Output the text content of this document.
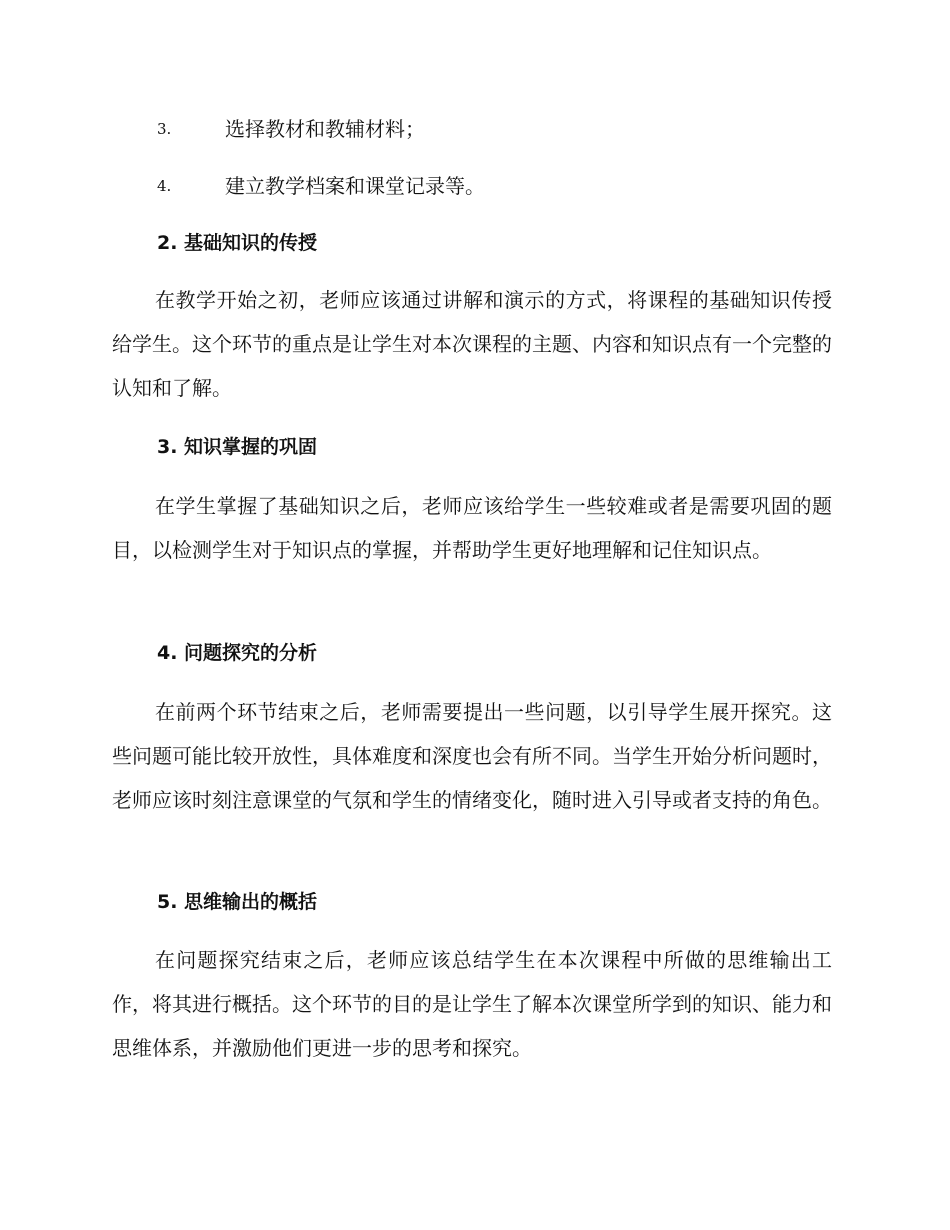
3.	选择教材和教辅材料；
4.	建立教学档案和课堂记录等。
2. 基础知识的传授
在教学开始之初，老师应该通过讲解和演示的方式，将课程的基础知识传授给学生。这个环节的重点是让学生对本次课程的主题、内容和知识点有一个完整的认知和了解。
3. 知识掌握的巩固
在学生掌握了基础知识之后，老师应该给学生一些较难或者是需要巩固的题目，以检测学生对于知识点的掌握，并帮助学生更好地理解和记住知识点。
4. 问题探究的分析
在前两个环节结束之后，老师需要提出一些问题，以引导学生展开探究。这些问题可能比较开放性，具体难度和深度也会有所不同。当学生开始分析问题时，老师应该时刻注意课堂的气氛和学生的情绪变化，随时进入引导或者支持的角色。
5. 思维输出的概括
在问题探究结束之后，老师应该总结学生在本次课程中所做的思维输出工作，将其进行概括。这个环节的目的是让学生了解本次课堂所学到的知识、能力和思维体系，并激励他们更进一步的思考和探究。
